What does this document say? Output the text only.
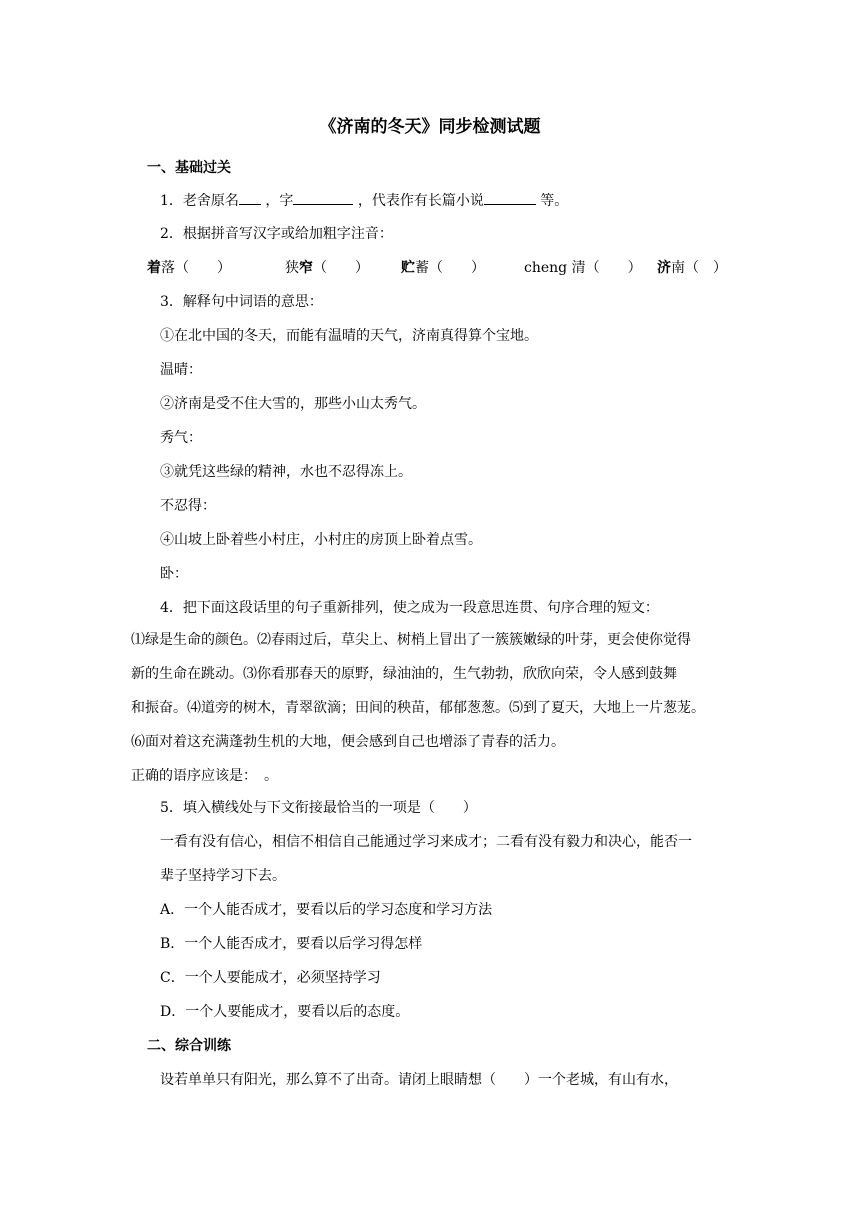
《济南的冬天》同步检测试题
一、基础过关
1．老舍原名 ，字	，代表作有长篇小说	等。
2．根据拼音写汉字或给加粗字注音：
着落（　　）	狭窄（　　） 贮蓄（　　）	cheng 清（　　） 济南（　）
3．解释句中词语的意思：
①在北中国的冬天，而能有温晴的天气，济南真得算个宝地。
温晴：
②济南是受不住大雪的，那些小山太秀气。
秀气：
③就凭这些绿的精神，水也不忍得冻上。
不忍得：
④山坡上卧着些小村庄，小村庄的房顶上卧着点雪。
卧：
4．把下面这段话里的句子重新排列，使之成为一段意思连贯、句序合理的短文：
⑴绿是生命的颜色。⑵春雨过后，草尖上、树梢上冒出了一簇簇嫩绿的叶芽，更会使你觉得
新的生命在跳动。⑶你看那春天的原野，绿油油的，生气勃勃，欣欣向荣，令人感到鼓舞
和振奋。⑷道旁的树木，青翠欲滴；田间的秧苗，郁郁葱葱。⑸到了夏天，大地上一片葱茏。
⑹面对着这充满蓬勃生机的大地，便会感到自己也增添了青春的活力。
正确的语序应该是：　。
5．填入横线处与下文衔接最恰当的一项是（　　）
一看有没有信心，相信不相信自己能通过学习来成才；二看有没有毅力和决心，能否一
辈子坚持学习下去。
A．一个人能否成才，要看以后的学习态度和学习方法
B．一个人能否成才，要看以后学习得怎样
C．一个人要能成才，必须坚持学习
D．一个人要能成才，要看以后的态度。
二、综合训练
设若单单只有阳光，那么算不了出奇。请闭上眼睛想（　　）一个老城，有山有水，
